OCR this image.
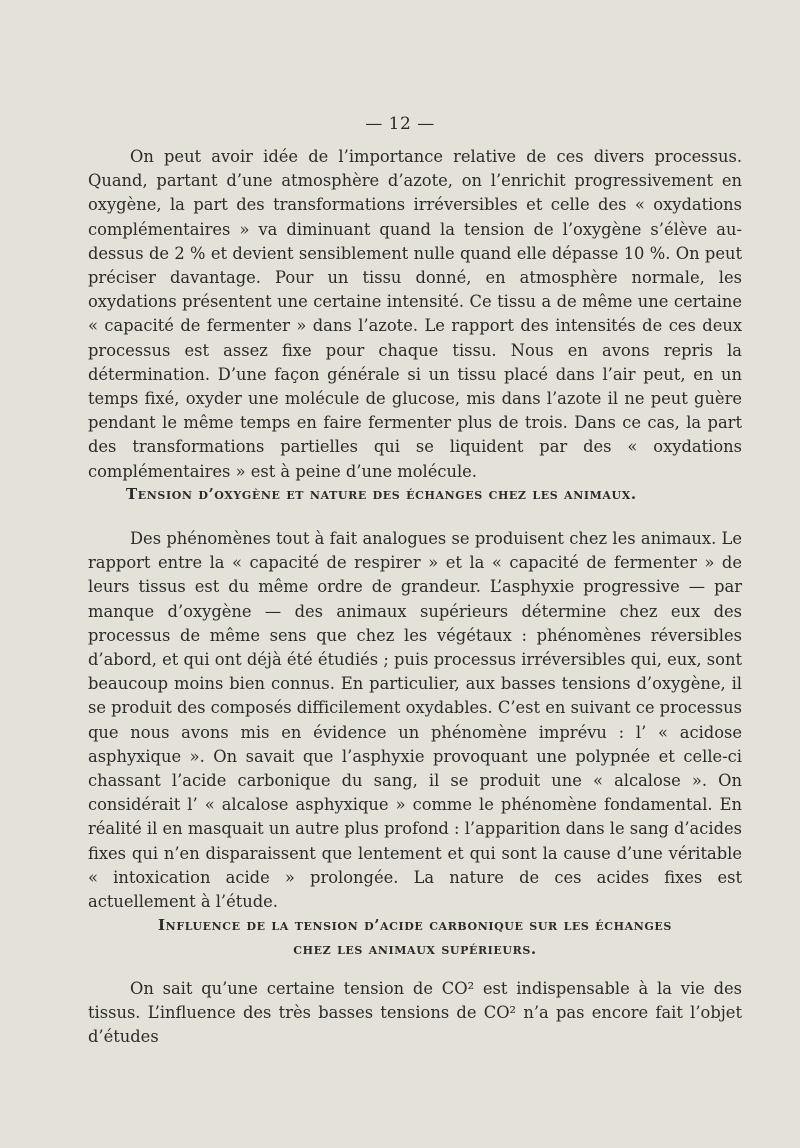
— 12 —

On peut avoir idée de l’importance relative de ces divers processus. Quand, partant d’une atmosphère d’azote, on l’enrichit progressivement en oxygène, la part des transformations irréversibles et celle des « oxydations complémentaires » va diminuant quand la tension de l’oxygène s’élève au-dessus de 2 % et devient sensiblement nulle quand elle dépasse 10 %. On peut préciser davantage. Pour un tissu donné, en atmosphère normale, les oxydations présentent une certaine intensité. Ce tissu a de même une certaine « capacité de fermenter » dans l’azote. Le rapport des intensités de ces deux processus est assez fixe pour chaque tissu. Nous en avons repris la détermination. D’une façon générale si un tissu placé dans l’air peut, en un temps fixé, oxyder une molécule de glucose, mis dans l’azote il ne peut guère pendant le même temps en faire fermenter plus de trois. Dans ce cas, la part des transformations partielles qui se liquident par des « oxydations complémentaires » est à peine d’une molécule.

Tension d’oxygène et nature des échanges chez les animaux.

Des phénomènes tout à fait analogues se produisent chez les animaux. Le rapport entre la « capacité de respirer » et la « capacité de fermenter » de leurs tissus est du même ordre de grandeur. L’asphyxie progressive — par manque d’oxygène — des animaux supérieurs détermine chez eux des processus de même sens que chez les végétaux : phénomènes réversibles d’abord, et qui ont déjà été étudiés ; puis processus irréversibles qui, eux, sont beaucoup moins bien connus. En particulier, aux basses tensions d’oxygène, il se produit des composés difficilement oxydables. C’est en suivant ce processus que nous avons mis en évidence un phénomène imprévu : l’ « acidose asphyxique ». On savait que l’asphyxie provoquant une polypnée et celle-ci chassant l’acide carbonique du sang, il se produit une « alcalose ». On considérait l’ « alcalose asphyxique » comme le phénomène fondamental. En réalité il en masquait un autre plus profond : l’apparition dans le sang d’acides fixes qui n’en disparaissent que lentement et qui sont la cause d’une véritable « intoxication acide » prolongée. La nature de ces acides fixes est actuellement à l’étude.

Influence de la tension d’acide carbonique sur les échanges
chez les animaux supérieurs.

On sait qu’une certaine tension de CO² est indispensable à la vie des tissus. L’influence des très basses tensions de CO² n’a pas encore fait l’objet d’études
